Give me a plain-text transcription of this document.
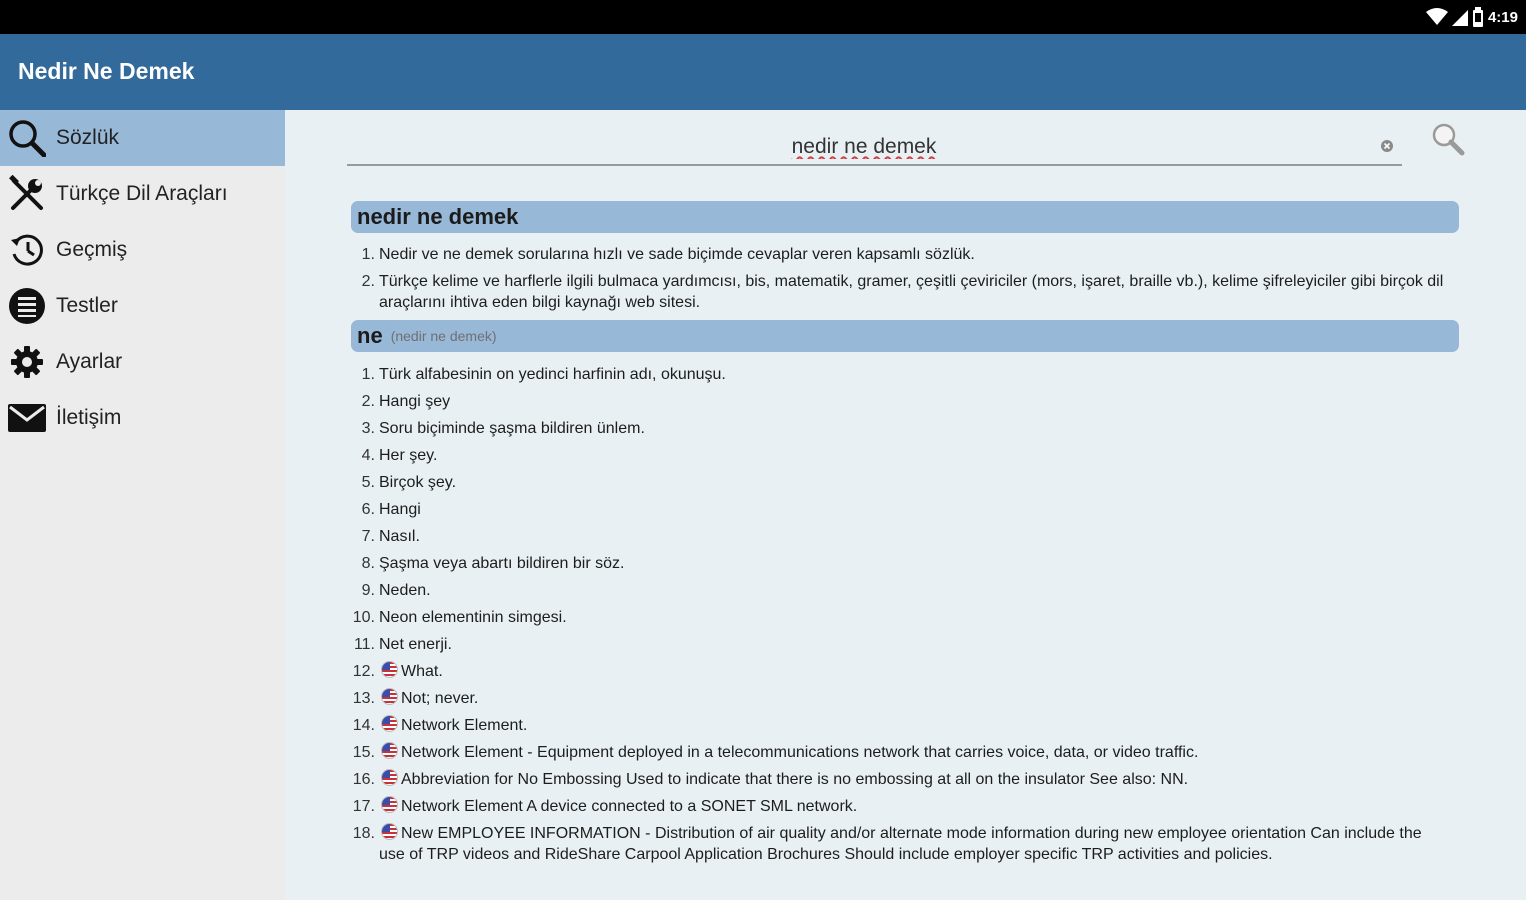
4:19
Nedir Ne Demek
Sözlük
Türkçe Dil Araçları
Geçmiş
Testler
Ayarlar
İletişim
nedir ne demek
nedir ne demek
1. Nedir ve ne demek sorularına hızlı ve sade biçimde cevaplar veren kapsamlı sözlük.
2. Türkçe kelime ve harflerle ilgili bulmaca yardımcısı, bis, matematik, gramer, çeşitli çeviriciler (mors, işaret, braille vb.), kelime şifreleyiciler gibi birçok dil araçlarını ihtiva eden bilgi kaynağı web sitesi.
ne (nedir ne demek)
1. Türk alfabesinin on yedinci harfinin adı, okunuşu.
2. Hangi şey
3. Soru biçiminde şaşma bildiren ünlem.
4. Her şey.
5. Birçok şey.
6. Hangi
7. Nasıl.
8. Şaşma veya abartı bildiren bir söz.
9. Neden.
10. Neon elementinin simgesi.
11. Net enerji.
12. What.
13. Not; never.
14. Network Element.
15. Network Element - Equipment deployed in a telecommunications network that carries voice, data, or video traffic.
16. Abbreviation for No Embossing Used to indicate that there is no embossing at all on the insulator See also: NN.
17. Network Element A device connected to a SONET SML network.
18. New EMPLOYEE INFORMATION - Distribution of air quality and/or alternate mode information during new employee orientation Can include the use of TRP videos and RideShare Carpool Application Brochures Should include employer specific TRP activities and policies.
